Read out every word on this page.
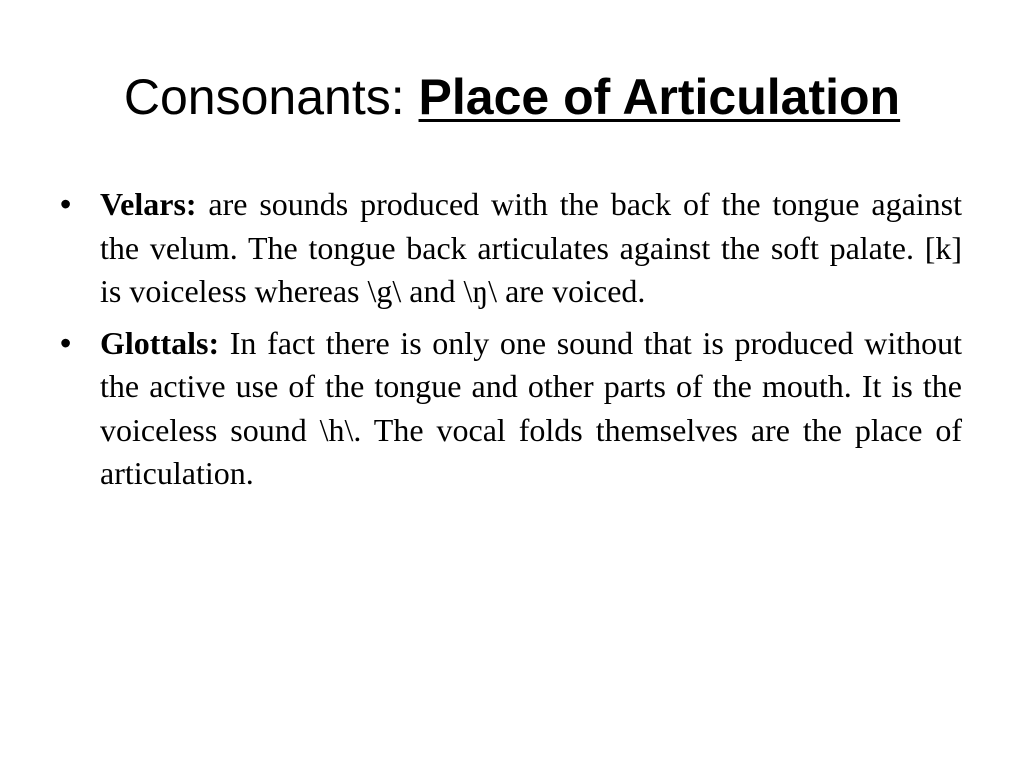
Consonants: Place of Articulation
• Velars: are sounds produced with the back of the tongue against the velum. The tongue back articulates against the soft palate. [k] is voiceless whereas \g\ and \ŋ\ are voiced.
• Glottals: In fact there is only one sound that is produced without the active use of the tongue and other parts of the mouth. It is the voiceless sound \h\. The vocal folds themselves are the place of articulation.
